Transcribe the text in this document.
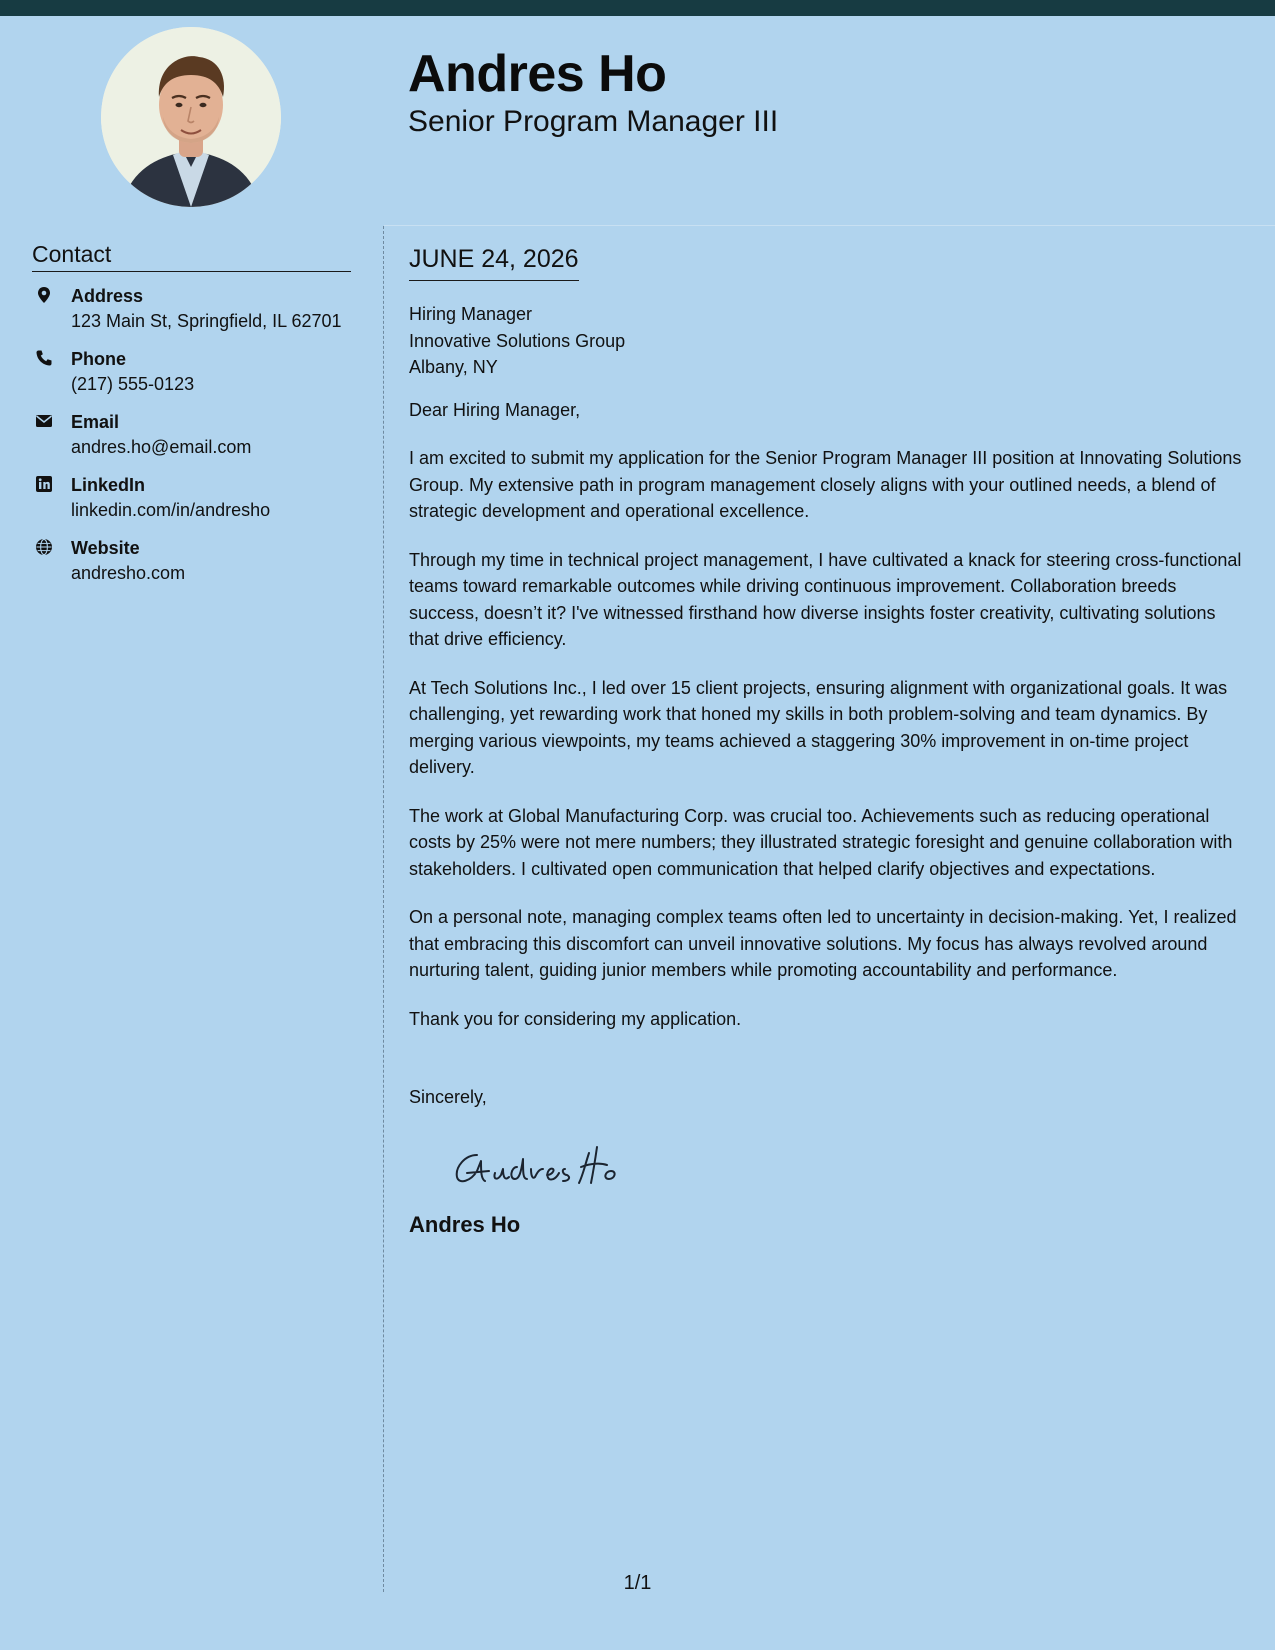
Andres Ho
Senior Program Manager III
Contact
Address
123 Main St, Springfield, IL 62701
Phone
(217) 555-0123
Email
andres.ho@email.com
LinkedIn
linkedin.com/in/andresho
Website
andresho.com
JUNE 24, 2026
Hiring Manager
Innovative Solutions Group
Albany, NY
Dear Hiring Manager,

I am excited to submit my application for the Senior Program Manager III position at Innovating Solutions Group. My extensive path in program management closely aligns with your outlined needs, a blend of strategic development and operational excellence.

Through my time in technical project management, I have cultivated a knack for steering cross-functional teams toward remarkable outcomes while driving continuous improvement. Collaboration breeds success, doesn’t it? I've witnessed firsthand how diverse insights foster creativity, cultivating solutions that drive efficiency.

At Tech Solutions Inc., I led over 15 client projects, ensuring alignment with organizational goals. It was challenging, yet rewarding work that honed my skills in both problem-solving and team dynamics. By merging various viewpoints, my teams achieved a staggering 30% improvement in on-time project delivery.

The work at Global Manufacturing Corp. was crucial too. Achievements such as reducing operational costs by 25% were not mere numbers; they illustrated strategic foresight and genuine collaboration with stakeholders. I cultivated open communication that helped clarify objectives and expectations.

On a personal note, managing complex teams often led to uncertainty in decision-making. Yet, I realized that embracing this discomfort can unveil innovative solutions. My focus has always revolved around nurturing talent, guiding junior members while promoting accountability and performance.

Thank you for considering my application.

Sincerely,
Andres Ho
1/1
